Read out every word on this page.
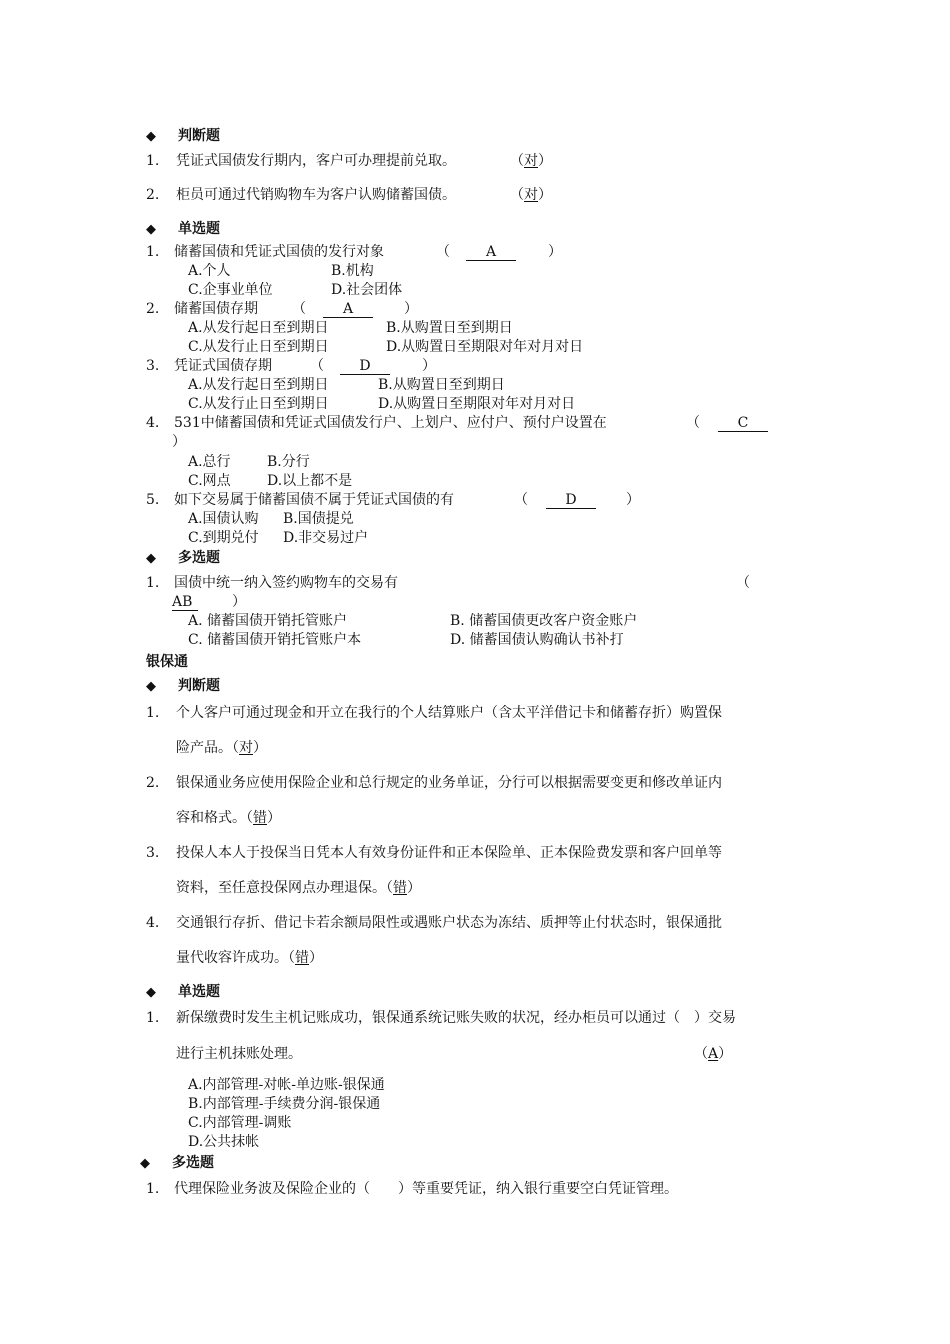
◆ 判断题
1. 凭证式国债发行期内，客户可办理提前兑取。	（对）
2. 柜员可通过代销购物车为客户认购储蓄国债。	（对）
◆ 单选题
1. 储蓄国债和凭证式国债的发行对象	（	A	）
A.个人	B.机构
C.企事业单位	D.社会团体
2. 储蓄国债存期 （	A	）
A.从发行起日至到期日	B.从购置日至到期日
C.从发行止日至到期日	D.从购置日至期限对年对月对日
3. 凭证式国债存期	（	D	）
A.从发行起日至到期日	B.从购置日至到期日
C.从发行止日至到期日	D.从购置日至期限对年对月对日
4. 531中储蓄国债和凭证式国债发行户、上划户、应付户、预付户设置在	（	C
）
A.总行	B.分行
C.网点	D.以上都不是
5. 如下交易属于储蓄国债不属于凭证式国债的有	（	D	）
A.国债认购 B.国债提兑
C.到期兑付 D.非交易过户
◆ 多选题
1. 国债中统一纳入签约购物车的交易有	（
AB	）
A. 储蓄国债开销托管账户	B. 储蓄国债更改客户资金账户
C. 储蓄国债开销托管账户本	D. 储蓄国债认购确认书补打
银保通
◆ 判断题
1. 个人客户可通过现金和开立在我行的个人结算账户（含太平洋借记卡和储蓄存折）购置保
险产品。（对）
2. 银保通业务应使用保险企业和总行规定的业务单证，分行可以根据需要变更和修改单证内
容和格式。（错）
3. 投保人本人于投保当日凭本人有效身份证件和正本保险单、正本保险费发票和客户回单等
资料，至任意投保网点办理退保。（错）
4. 交通银行存折、借记卡若余额局限性或遇账户状态为冻结、质押等止付状态时，银保通批
量代收容许成功。（错）
◆ 单选题
1. 新保缴费时发生主机记账成功，银保通系统记账失败的状况，经办柜员可以通过（　）交易
进行主机抹账处理。	（A）
A.内部管理-对帐-单边账-银保通
B.内部管理-手续费分润-银保通
C.内部管理-调账
D.公共抹帐
◆ 多选题
1. 代理保险业务波及保险企业的（　　）等重要凭证，纳入银行重要空白凭证管理。
